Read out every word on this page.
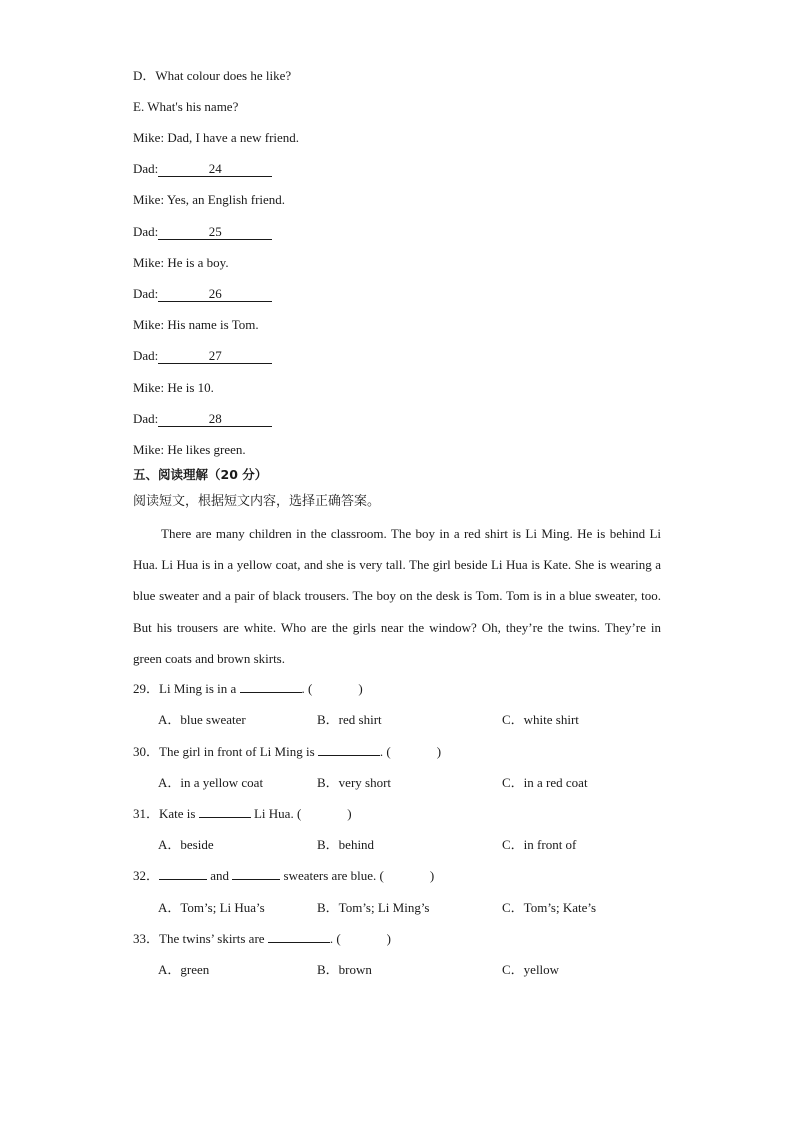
D．What colour does he like?
E. What's his name?
Mike: Dad, I have a new friend.
Dad:	24
Mike: Yes, an English friend.
Dad:	25
Mike: He is a boy.
Dad:	26
Mike: His name is Tom.
Dad:	27
Mike: He is 10.
Dad:	28
Mike: He likes green.
五、阅读理解（20 分）
阅读短文，根据短文内容，选择正确答案。

There are many children in the classroom. The boy in a red shirt is Li Ming. He is behind Li Hua. Li Hua is in a yellow coat, and she is very tall. The girl beside Li Hua is Kate. She is wearing a blue sweater and a pair of black trousers. The boy on the desk is Tom. Tom is in a blue sweater, too. But his trousers are white. Who are the girls near the window? Oh, they’re the twins. They’re in green coats and brown skirts.

29．Li Ming is in a	. (	)
A．blue sweater	B．red shirt	C．white shirt
30．The girl in front of Li Ming is	. (	)
A．in a yellow coat	B．very short	C．in a red coat
31．Kate is	Li Hua. (	)
A．beside	B．behind	C．in front of
32．	and	sweaters are blue. (	)
A．Tom’s; Li Hua’s	B．Tom’s; Li Ming’s	C．Tom’s; Kate’s
33．The twins’ skirts are	. (	)
A．green	B．brown	C．yellow
